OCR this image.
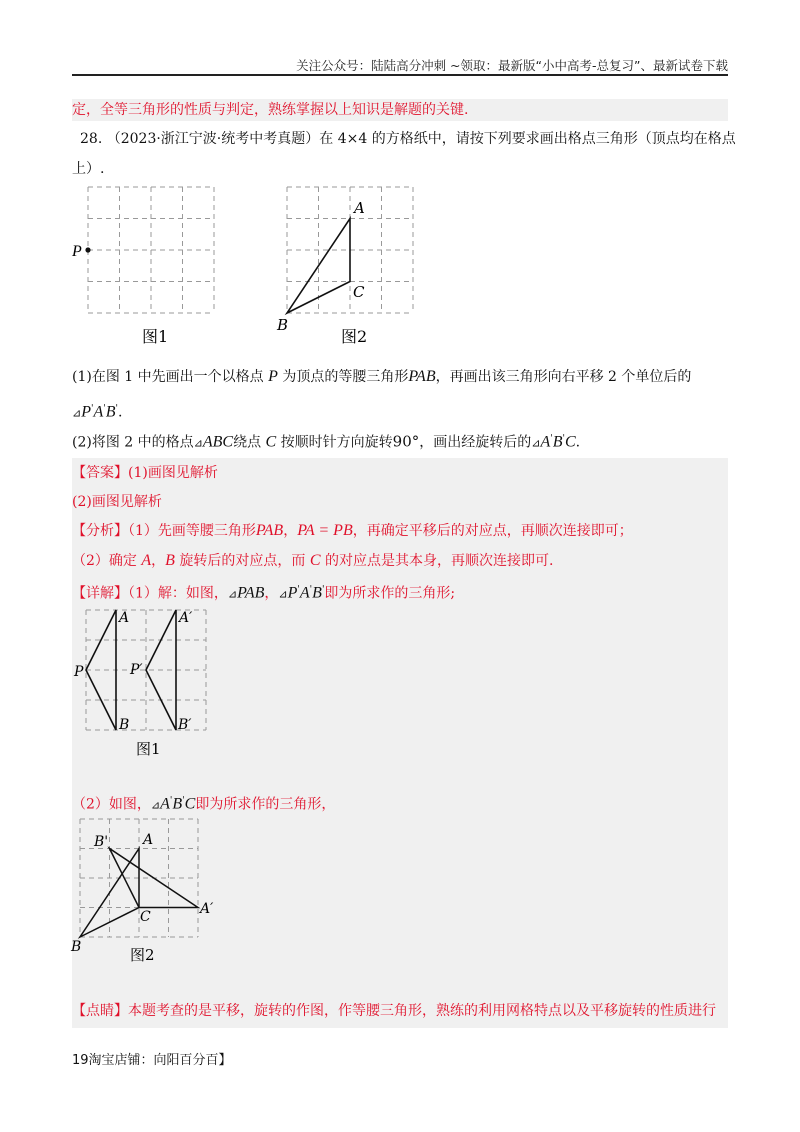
关注公众号：陆陆高分冲刺 ~领取：最新版“小中高考-总复习”、最新试卷下载
定，全等三角形的性质与判定，熟练掌握以上知识是解题的关键.
28. （2023·浙江宁波·统考中考真题）在 4×4 的方格纸中，请按下列要求画出格点三角形（顶点均在格点
上）.
P
图1
A
C
B
图2
(1)在图 1 中先画出一个以格点 P 为顶点的等腰三角形PAB，再画出该三角形向右平移 2 个单位后的
⊿P'A'B'.
(2)将图 2 中的格点⊿ABC绕点 C 按顺时针方向旋转90°，画出经旋转后的⊿A'B'C.
【答案】(1)画图见解析
(2)画图见解析
【分析】（1）先画等腰三角形PAB，PA = PB，再确定平移后的对应点，再顺次连接即可；
（2）确定 A，B 旋转后的对应点，而 C 的对应点是其本身，再顺次连接即可.
【详解】（1）解：如图，⊿PAB，⊿P'A'B'即为所求作的三角形;
A	A′
P	P′
B	B′
图1
（2）如图，⊿A'B'C即为所求作的三角形，
B' A
C	A′
B	图2
【点睛】本题考查的是平移，旋转的作图，作等腰三角形，熟练的利用网格特点以及平移旋转的性质进行
19淘宝店铺：向阳百分百】
